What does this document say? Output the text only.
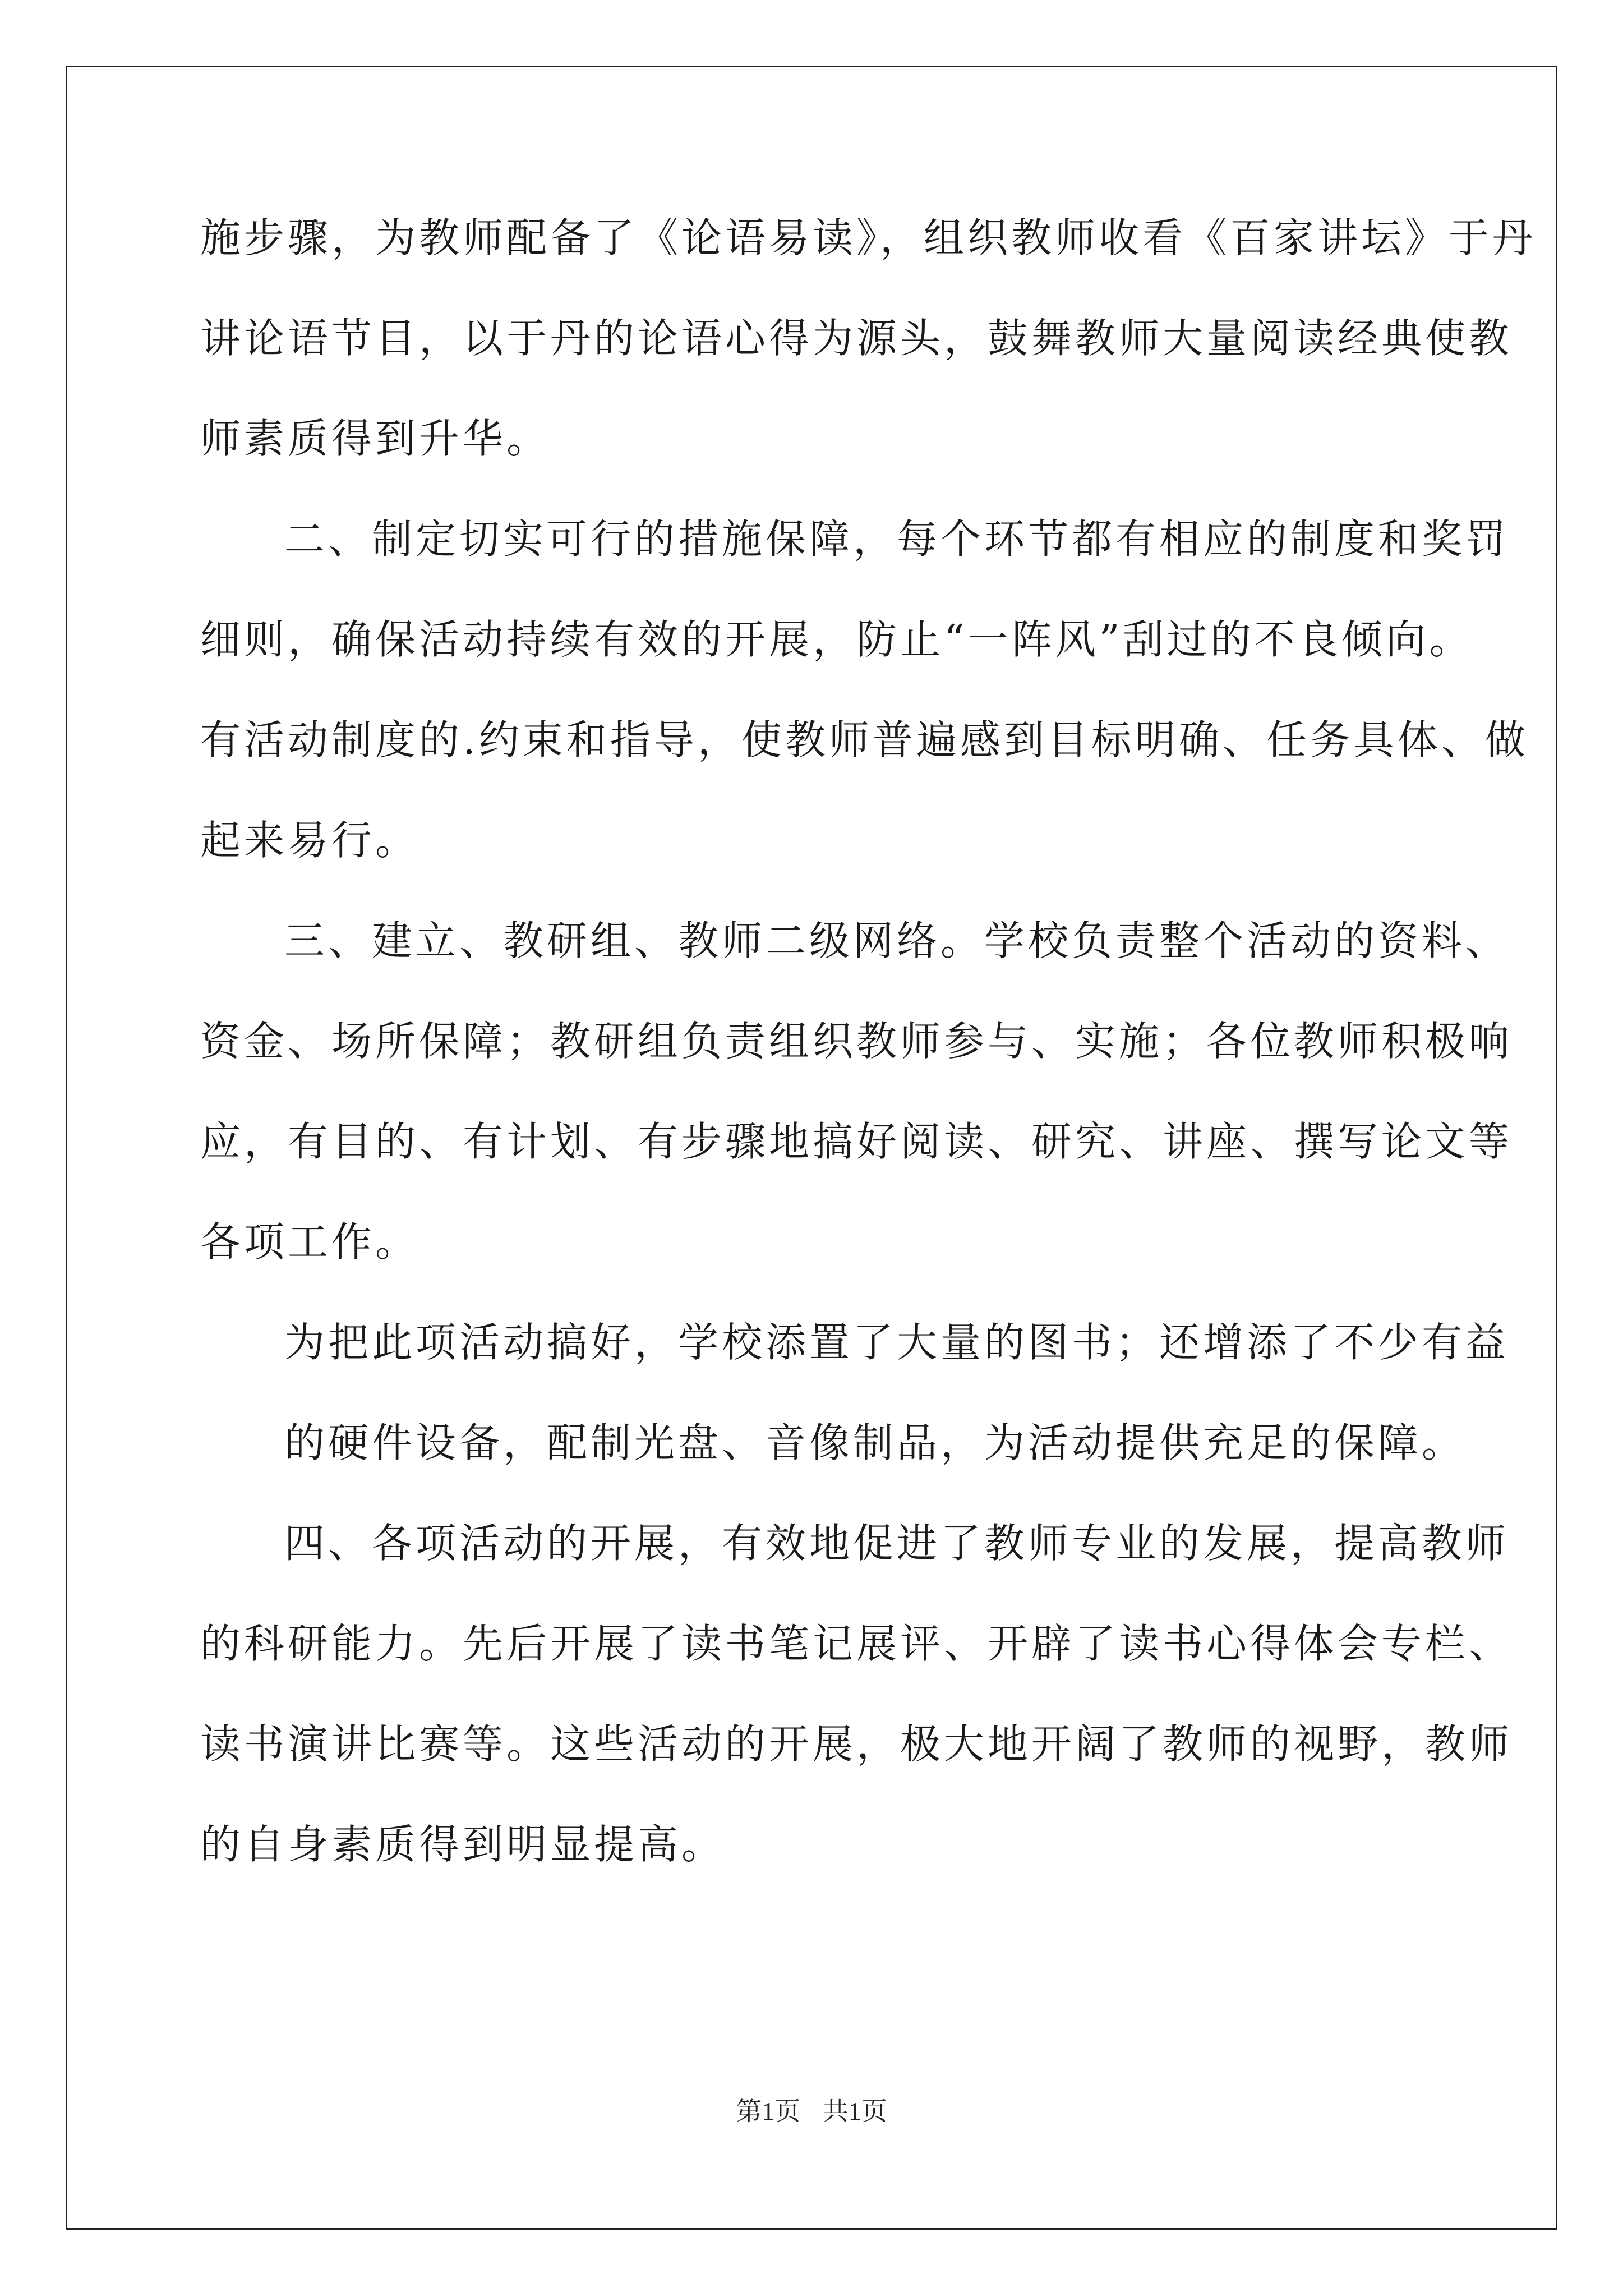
施步骤，为教师配备了《论语易读》，组织教师收看《百家讲坛》于丹
讲论语节目，以于丹的论语心得为源头，鼓舞教师大量阅读经典使教
师素质得到升华。
二、制定切实可行的措施保障，每个环节都有相应的制度和奖罚
细则，确保活动持续有效的开展，防止“一阵风”刮过的不良倾向。
有活动制度的.约束和指导，使教师普遍感到目标明确、任务具体、做
起来易行。
三、建立、教研组、教师二级网络。学校负责整个活动的资料、
资金、场所保障；教研组负责组织教师参与、实施；各位教师积极响
应，有目的、有计划、有步骤地搞好阅读、研究、讲座、撰写论文等
各项工作。
为把此项活动搞好，学校添置了大量的图书；还增添了不少有益
的硬件设备，配制光盘、音像制品，为活动提供充足的保障。
四、各项活动的开展，有效地促进了教师专业的发展，提高教师
的科研能力。先后开展了读书笔记展评、开辟了读书心得体会专栏、
读书演讲比赛等。这些活动的开展，极大地开阔了教师的视野，教师
的自身素质得到明显提高。
第1页 共1页
